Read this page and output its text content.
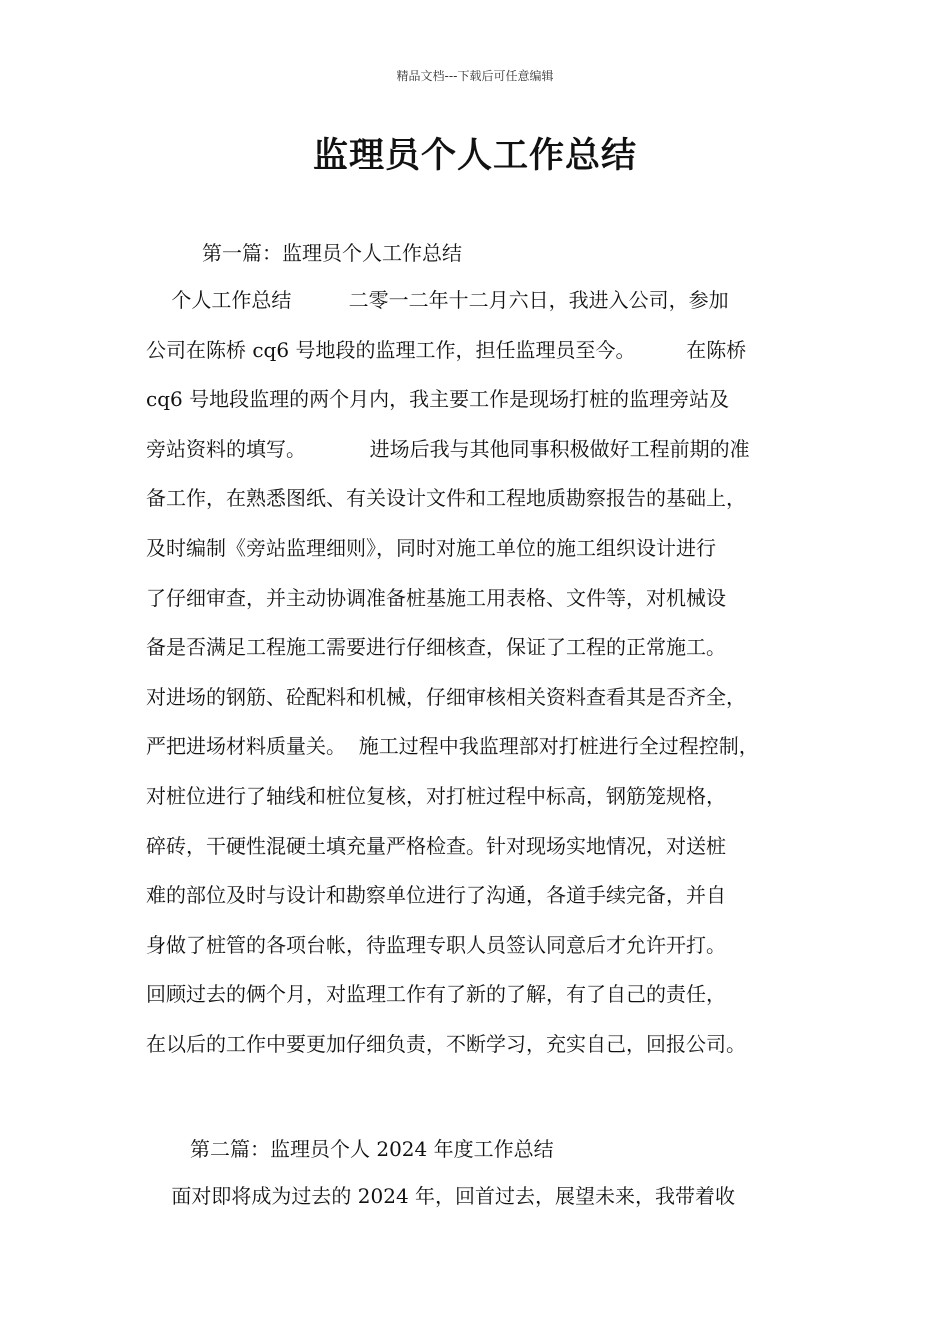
精品文档---下载后可任意编辑
监理员个人工作总结
第一篇：监理员个人工作总结
个人工作总结         二零一二年十二月六日，我进入公司，参加
公司在陈桥 cq6 号地段的监理工作，担任监理员至今。        在陈桥
cq6 号地段监理的两个月内，我主要工作是现场打桩的监理旁站及
旁站资料的填写。          进场后我与其他同事积极做好工程前期的准
备工作，在熟悉图纸、有关设计文件和工程地质勘察报告的基础上，
及时编制《旁站监理细则》，同时对施工单位的施工组织设计进行
了仔细审查，并主动协调准备桩基施工用表格、文件等，对机械设
备是否满足工程施工需要进行仔细核查，保证了工程的正常施工。
对进场的钢筋、砼配料和机械，仔细审核相关资料查看其是否齐全，
严把进场材料质量关。  施工过程中我监理部对打桩进行全过程控制，
对桩位进行了轴线和桩位复核，对打桩过程中标高，钢筋笼规格，
碎砖，干硬性混硬土填充量严格检查。针对现场实地情况，对送桩
难的部位及时与设计和勘察单位进行了沟通，各道手续完备，并自
身做了桩管的各项台帐，待监理专职人员签认同意后才允许开打。
回顾过去的俩个月，对监理工作有了新的了解，有了自己的责任，
在以后的工作中要更加仔细负责，不断学习，充实自己，回报公司。
第二篇：监理员个人 2024 年度工作总结
面对即将成为过去的 2024 年，回首过去，展望未来，我带着收
